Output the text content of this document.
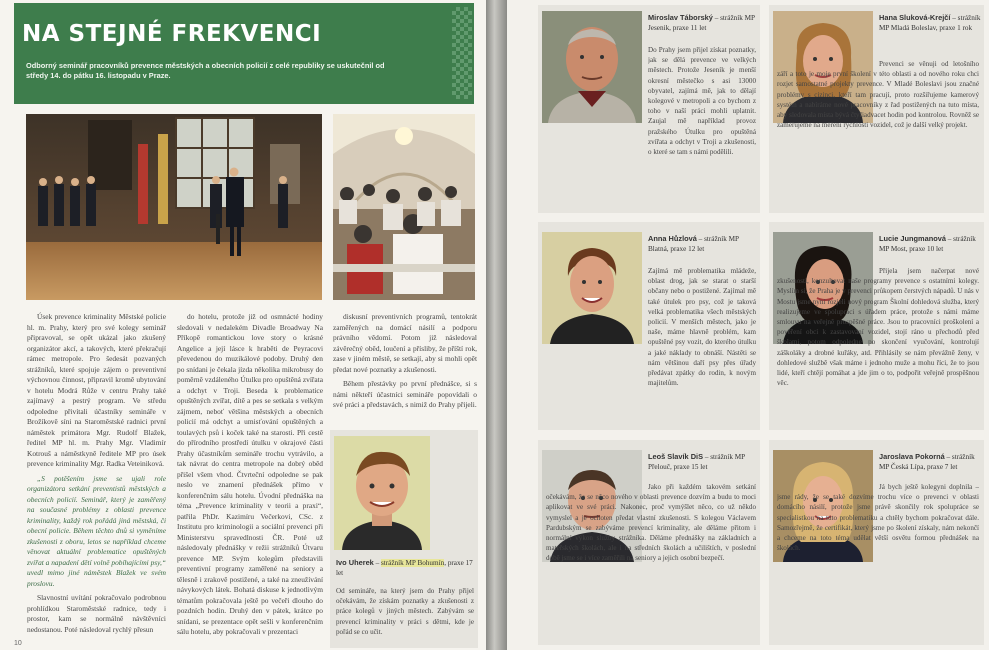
NA STEJNÉ FREKVENCI
Odborný seminář pracovníků prevence městských a obecních policií z celé republiky se uskutečnil od středy 14. do pátku 16. listopadu v Praze.

Úsek prevence kriminality Městské policie hl. m. Prahy, který pro své kolegy seminář připravoval, se opět ukázal jako zkušený organizátor akcí, a takových, které překračují rámec metropole. Pro šedesát pozvaných strážníků, které spojuje zájem o preventivní výchovnou činnost, připravil kromě ubytování v hotelu Modrá Růže v centru Prahy také zajímavý a pestrý program. Ve středu odpoledne přivítali účastníky semináře v Brožíkově síni na Staroměstské radnici první náměstek primátora Mgr. Rudolf Blažek, ředitel MP hl. m. Prahy Mgr. Vladimír Kotrouš a náměstkyně ředitele MP pro úsek prevence kriminality Mgr. Radka Veteiniková.

„S potěšením jsme se ujali role organizátora setkání preventistů městských a obecních policií. Seminář, který je zaměřený na současné problémy z oblasti prevence kriminality, každý rok pořádá jiná městská, či obecní policie. Během těchto dnů si vyměníme zkušenosti z oboru, letos se například chceme věnovat aktuální problematice opuštěných zvířat a napadení dětí volně pobíhajícími psy,“ uvedl mimo jiné náměstek Blažek ve svém proslovu.

Slavnostní uvítání pokračovalo podrobnou prohlídkou Staroměstské radnice, tedy i prostor, kam se normálně návštěvníci nedostanou. Poté následoval rychlý přesun

do hotelu, protože již od osmnácté hodiny sledovali v nedalekém Divadle Broadway Na Příkopě romantickou love story o krásné Angelice a její lásce k hraběti de Peyracovi převedenou do muzikálové podoby. Druhý den po snídani je čekala jízda několika mikrobusy do poměrně vzdáleného Útulku pro opuštěná zvířata a odchyt v Troji. Beseda k problematice opuštěných zvířat, dítě a pes se setkala s velkým zájmem, neboť většina městských a obecních policií má odchyt a umisťování opuštěných a toulavých psů i koček také na starosti. Při cestě do přírodního prostředí útulku v okrajové části Prahy účastníkům semináře trochu vytrávilo, a tak návrat do centra metropole na dobrý oběd přišel všem vhod. Čtvrteční odpoledne se pak neslo ve znamení přednášek přímo v konferenčním sálu hotelu. Úvodní přednáška na téma „Prevence kriminality v teorii a praxi“, patřila PhDr. Kazimíru Večerkovi, CSc. z Institutu pro kriminologii a sociální prevenci při Ministerstvu spravedlnosti ČR. Poté už následovaly přednášky v režii strážníků Útvaru prevence MP. Svým kolegům představili preventivní programy zaměřené na seniory a tělesně i zrakově postižené, a také na zneužívání návykových látek. Bohatá diskuse k jednotlivým tématům pokračovala ještě po večeři dlouho do pozdních hodin. Druhý den v pátek, krátce po snídani, se prezentace opět sešli v konferenčním sálu hotelu, aby pokračovali v prezentaci

diskusní preventivních programů, tentokrát zaměřených na domácí násilí a podporu právního vědomí. Potom již následoval závěrečný oběd, loučení a přísliby, že příští rok, zase v jiném městě, se setkají, aby si mohli opět předat nové poznatky a zkušenosti.

Během přestávky po první přednášce, si s námi někteří účastníci semináře popovídali o své práci a představách, s nimiž do Prahy přijeli.

Ivo Uherek – strážník MP Bohumín, praxe 17 let
Od semináře, na který jsem do Prahy přijel očekávám, že získám poznatky a zkušenosti z práce kolegů v jiných městech. Zabývám se prevencí kriminality v práci s dětmi, kde je pořád se co učit.
10
Miroslav Táborský – strážník MP Jesenik, praxe 11 let
Do Prahy jsem přijel získat poznatky, jak se dělá prevence ve velkých městech. Protože Jeseník je menší okresní městečko s asi 13000 obyvatel, zajímá mě, jak to dělají kolegové v metropoli a co bychom z toho v naší práci mohli uplatnit. Zaujal mě například provoz pražského Útulku pro opuštěná zvířata a odchyt v Troji a zkušenosti, o které se tam s námi podělili.
Hana Sluková-Krejčí – strážník MP Mladá Boleslav, praxe 1 rok
Prevenci se věnuji od letošního září a toto je moje první školení v této oblasti a od nového roku chci rozjet samostatné projekty prevence. V Mladé Boleslavi jsou značné problémy s cizinci, kteří tam pracují, proto rozšiřujeme kamerový systém a nabíráme nové pracovníky z řad postižených na tuto místa, aby sledovala místa bývá čtyřiadvacet hodin pod kontrolou. Rovněž se zaměřujeme na měření rychlosti vozidel, což je další velký projekt.
Anna Hůzlová – strážník MP Blatná, praxe 12 let
Zajímá mě problematika mládeže, oblast drog, jak se starat o starší občany nebo o postižené. Zajímal mě také útulek pro psy, což je taková velká problematika všech městských policií. V menších městech, jako je naše, máme hlavně problém, kam opuštěné psy vozit, do kterého útulku a jaké náklady to obnáší. Nástěti se nám většinou daří psy přes úřady předávat zpátky do rodin, k novým majitelům.
Lucie Jungmanová – strážník MP Most, praxe 10 let
Přijela jsem načerpat nové zkušenosti, konzultovat naše programy prevence s ostatními kolegy. Myslím si, že Praha je v prevenci průkopem čerstvých nápadů. U nás v Mostu jsme nyní rozjeli nový program Školní dohledová služba, který realizujeme ve spolupráci s úřadem práce, protože s námi máme smlouvu na veřejně prospěšné práce. Jsou to pracovníci proškolení a pověření obcí k zastavování vozidel, stojí ráno u přechodů před školami, potom odpoledne po skončení vyučování, kontrolují záškoláky a drobné kuřáky, atd. Přihlásily se nám převážně ženy, v dohledové službě však máme i jednoho muže a mohu říci, že to jsou lidé, kteří chtějí pomáhat a jde jim o to, podpořit veřejně prospěšnou věc.
Leoš Slavík DiS – strážník MP Přelouč, praxe 15 let
Jako při každém takovém setkání očekávám, že se něco nového v oblasti prevence dozvím a budu to moci aplikovat ve své práci. Nakonec, proč vymýšlet něco, co už někdo vymyslel a je ochoten předat vlastní zkušenosti. S kolegou Václavem Pardubským se zabýváme prevencí kriminality, ale děláme přitom i normální výkon služby strážníka. Děláme přednášky na základních a mateřských školách, ale i na středních školách a učilištích, v poslední době jsme se i více zaměřili na seniory a jejich osobní bezpečí.
Jaroslava Pokorná – strážník MP Česká Lípa, praxe 7 let
Já bych ještě kolegyni doplnila – jsme rády, že se také dozvíme trochu více o prevenci v oblasti domácího násilí, protože jsme právě skončily rok spolupráce se specialistkou na tuto problematiku a chtěly bychom pokračovat dále. Samozřejmě, že certifikát, který jsme po školení získaly, nám nekončí a chceme na toto téma udělat větší osvětu formou přednášek na školách.
